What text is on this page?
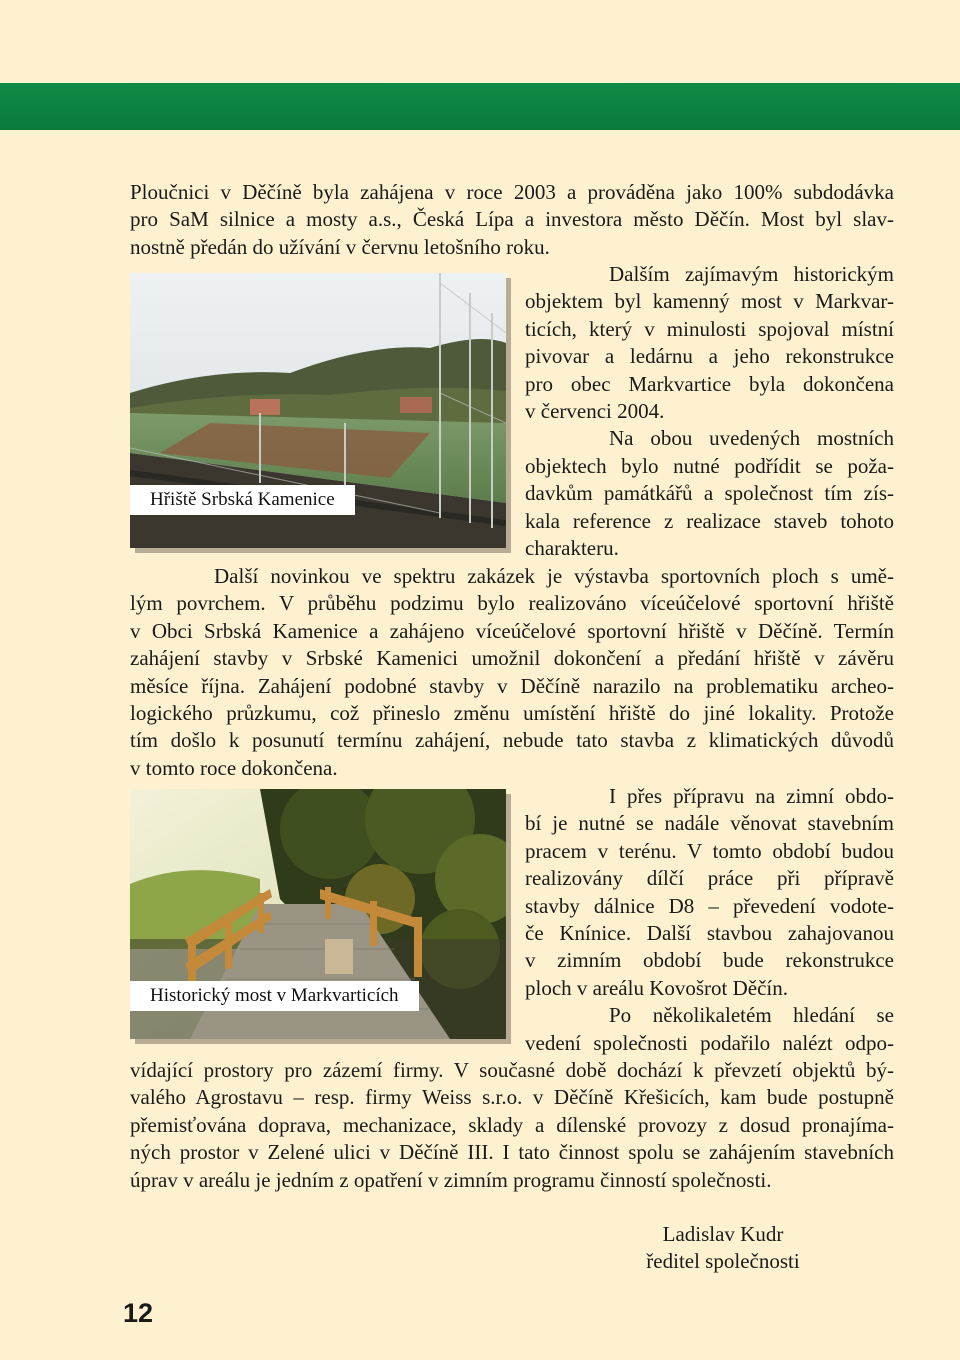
Ploučnici v Děčíně byla zahájena v roce 2003 a prováděna jako 100% subdodávka
pro SaM silnice a mosty a.s., Česká Lípa a investora město Děčín. Most byl slav-
nostně předán do užívání v červnu letošního roku.
Hřiště Srbská Kamenice
Dalším zajímavým historickým
objektem byl kamenný most v Markvar-
ticích, který v minulosti spojoval místní
pivovar a ledárnu a jeho rekonstrukce
pro obec Markvartice byla dokončena
v červenci 2004.
Na obou uvedených mostních
objektech bylo nutné podřídit se poža-
davkům památkářů a společnost tím zís-
kala reference z realizace staveb tohoto
charakteru.
Další novinkou ve spektru zakázek je výstavba sportovních ploch s umě-
lým povrchem. V průběhu podzimu bylo realizováno víceúčelové sportovní hřiště
v Obci Srbská Kamenice a zahájeno víceúčelové sportovní hřiště v Děčíně. Termín
zahájení stavby v Srbské Kamenici umožnil dokončení a předání hřiště v závěru
měsíce října. Zahájení podobné stavby v Děčíně narazilo na problematiku archeo-
logického průzkumu, což přineslo změnu umístění hřiště do jiné lokality. Protože
tím došlo k posunutí termínu zahájení, nebude tato stavba z klimatických důvodů
v tomto roce dokončena.
Historický most v Markvarticích
I přes přípravu na zimní obdo-
bí je nutné se nadále věnovat stavebním
pracem v terénu. V tomto období budou
realizovány dílčí práce při přípravě
stavby dálnice D8 – převedení vodote-
če Knínice. Další stavbou zahajovanou
v zimním období bude rekonstrukce
ploch v areálu Kovošrot Děčín.
Po několikaletém hledání se
vedení společnosti podařilo nalézt odpo-
vídající prostory pro zázemí firmy. V současné době dochází k převzetí objektů bý-
valého Agrostavu – resp. firmy Weiss s.r.o. v Děčíně Křešicích, kam bude postupně
přemisťována doprava, mechanizace, sklady a dílenské provozy z dosud pronajíma-
ných prostor v Zelené ulici v Děčíně III. I tato činnost spolu se zahájením stavebních
úprav v areálu je jedním z opatření v zimním programu činností společnosti.
Ladislav Kudr
ředitel společnosti
12
